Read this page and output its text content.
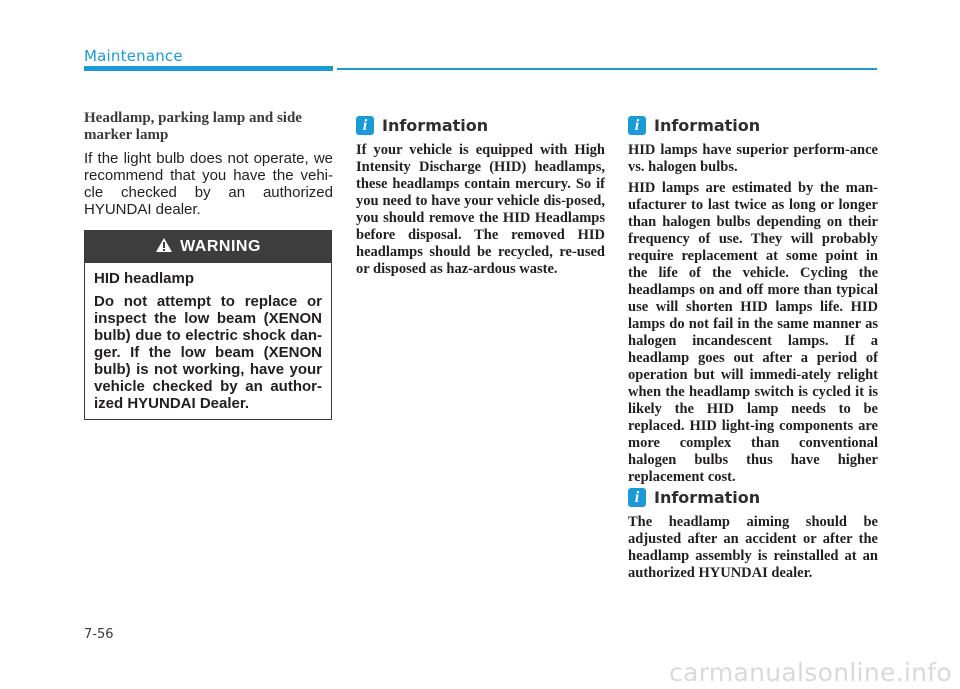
Maintenance
Headlamp, parking lamp and side marker lamp

If the light bulb does not operate, we recommend that you have the vehi-cle checked by an authorized HYUNDAI dealer.

WARNING

HID headlamp

Do not attempt to replace or inspect the low beam (XENON bulb) due to electric shock dan-ger. If the low beam (XENON bulb) is not working, have your vehicle checked by an author-ized HYUNDAI Dealer.

i Information

If your vehicle is equipped with High Intensity Discharge (HID) headlamps, these headlamps contain mercury. So if you need to have your vehicle dis-posed, you should remove the HID Headlamps before disposal. The removed HID headlamps should be recycled, re-used or disposed as haz-ardous waste.

i Information

HID lamps have superior perform-ance vs. halogen bulbs.

HID lamps are estimated by the man-ufacturer to last twice as long or longer than halogen bulbs depending on their frequency of use. They will probably require replacement at some point in the life of the vehicle. Cycling the headlamps on and off more than typical use will shorten HID lamps life. HID lamps do not fail in the same manner as halogen incandescent lamps. If a headlamp goes out after a period of operation but will immedi-ately relight when the headlamp switch is cycled it is likely the HID lamp needs to be replaced. HID light-ing components are more complex than conventional halogen bulbs thus have higher replacement cost.

i Information

The headlamp aiming should be adjusted after an accident or after the headlamp assembly is reinstalled at an authorized HYUNDAI dealer.

7-56
carmanualsonline.info
